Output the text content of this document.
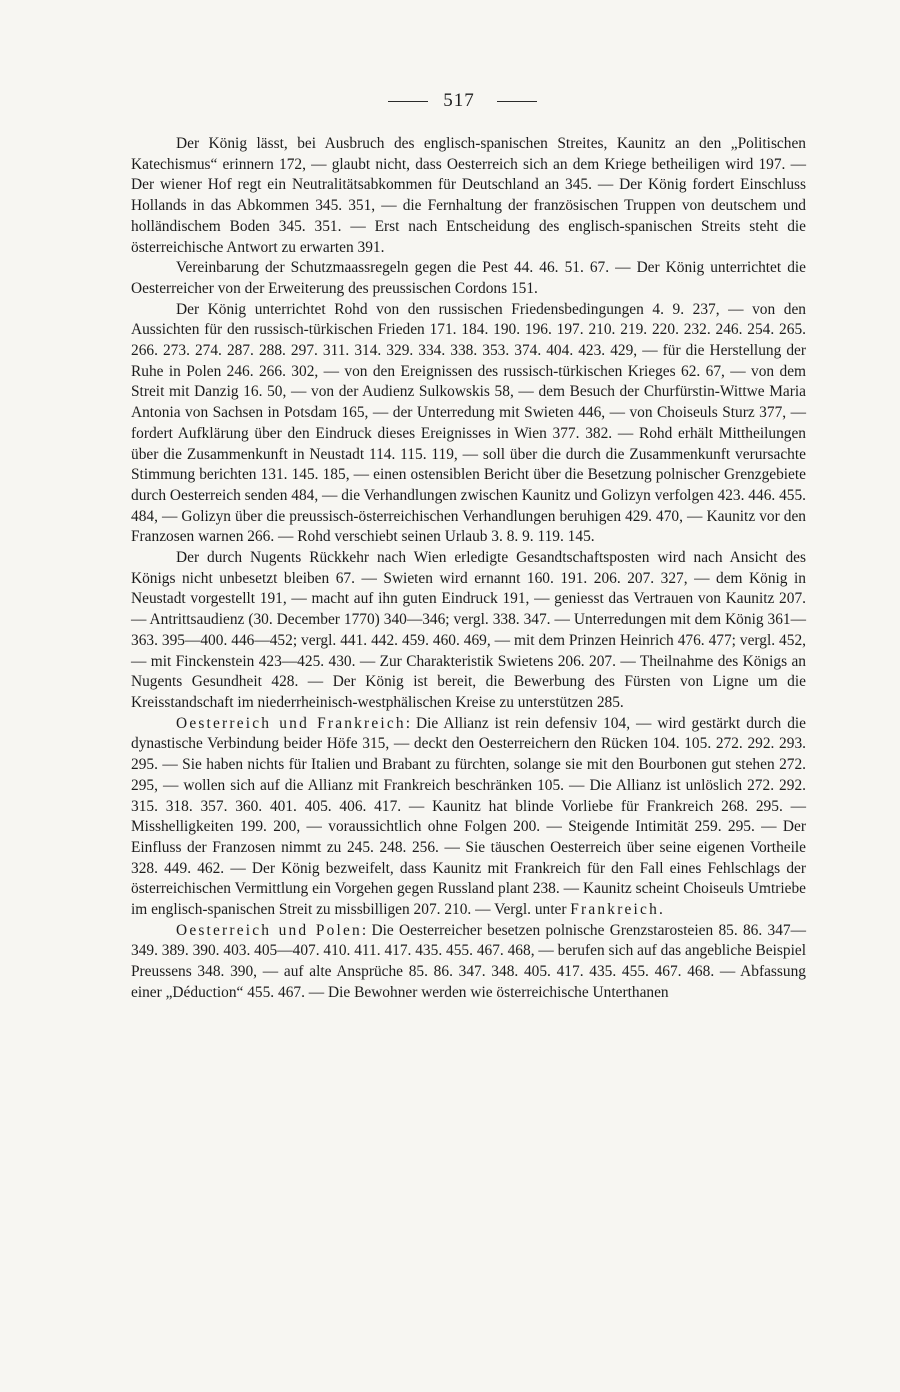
517

Der König lässt, bei Ausbruch des englisch-spanischen Streites, Kaunitz an den „Politischen Katechismus“ erinnern 172, — glaubt nicht, dass Oesterreich sich an dem Kriege betheiligen wird 197. — Der wiener Hof regt ein Neutralitätsabkommen für Deutschland an 345. — Der König fordert Einschluss Hollands in das Abkommen 345. 351, — die Fernhaltung der französischen Truppen von deutschem und holländischem Boden 345. 351. — Erst nach Entscheidung des englisch-spanischen Streits steht die österreichische Antwort zu erwarten 391.

Vereinbarung der Schutzmaassregeln gegen die Pest 44. 46. 51. 67. — Der König unterrichtet die Oesterreicher von der Erweiterung des preussischen Cordons 151.

Der König unterrichtet Rohd von den russischen Friedensbedingungen 4. 9. 237, — von den Aussichten für den russisch-türkischen Frieden 171. 184. 190. 196. 197. 210. 219. 220. 232. 246. 254. 265. 266. 273. 274. 287. 288. 297. 311. 314. 329. 334. 338. 353. 374. 404. 423. 429, — für die Herstellung der Ruhe in Polen 246. 266. 302, — von den Ereignissen des russisch-türkischen Krieges 62. 67, — von dem Streit mit Danzig 16. 50, — von der Audienz Sulkowskis 58, — dem Besuch der Churfürstin-Wittwe Maria Antonia von Sachsen in Potsdam 165, — der Unterredung mit Swieten 446, — von Choiseuls Sturz 377, — fordert Aufklärung über den Eindruck dieses Ereignisses in Wien 377. 382. — Rohd erhält Mittheilungen über die Zusammenkunft in Neustadt 114. 115. 119, — soll über die durch die Zusammenkunft verursachte Stimmung berichten 131. 145. 185, — einen ostensiblen Bericht über die Besetzung polnischer Grenzgebiete durch Oesterreich senden 484, — die Verhandlungen zwischen Kaunitz und Golizyn verfolgen 423. 446. 455. 484, — Golizyn über die preussisch-österreichischen Verhandlungen beruhigen 429. 470, — Kaunitz vor den Franzosen warnen 266. — Rohd verschiebt seinen Urlaub 3. 8. 9. 119. 145.

Der durch Nugents Rückkehr nach Wien erledigte Gesandtschaftsposten wird nach Ansicht des Königs nicht unbesetzt bleiben 67. — Swieten wird ernannt 160. 191. 206. 207. 327, — dem König in Neustadt vorgestellt 191, — macht auf ihn guten Eindruck 191, — geniesst das Vertrauen von Kaunitz 207. — Antrittsaudienz (30. December 1770) 340—346; vergl. 338. 347. — Unterredungen mit dem König 361—363. 395—400. 446—452; vergl. 441. 442. 459. 460. 469, — mit dem Prinzen Heinrich 476. 477; vergl. 452, — mit Finckenstein 423—425. 430. — Zur Charakteristik Swietens 206. 207. — Theilnahme des Königs an Nugents Gesundheit 428. — Der König ist bereit, die Bewerbung des Fürsten von Ligne um die Kreisstandschaft im niederrheinisch-westphälischen Kreise zu unterstützen 285.

Oesterreich und Frankreich: Die Allianz ist rein defensiv 104, — wird gestärkt durch die dynastische Verbindung beider Höfe 315, — deckt den Oesterreichern den Rücken 104. 105. 272. 292. 293. 295. — Sie haben nichts für Italien und Brabant zu fürchten, solange sie mit den Bourbonen gut stehen 272. 295, — wollen sich auf die Allianz mit Frankreich beschränken 105. — Die Allianz ist unlöslich 272. 292. 315. 318. 357. 360. 401. 405. 406. 417. — Kaunitz hat blinde Vorliebe für Frankreich 268. 295. — Misshelligkeiten 199. 200, — voraussichtlich ohne Folgen 200. — Steigende Intimität 259. 295. — Der Einfluss der Franzosen nimmt zu 245. 248. 256. — Sie täuschen Oesterreich über seine eigenen Vortheile 328. 449. 462. — Der König bezweifelt, dass Kaunitz mit Frankreich für den Fall eines Fehlschlags der österreichischen Vermittlung ein Vorgehen gegen Russland plant 238. — Kaunitz scheint Choiseuls Umtriebe im englisch-spanischen Streit zu missbilligen 207. 210. — Vergl. unter Frankreich.

Oesterreich und Polen: Die Oesterreicher besetzen polnische Grenzstarosteien 85. 86. 347—349. 389. 390. 403. 405—407. 410. 411. 417. 435. 455. 467. 468, — berufen sich auf das angebliche Beispiel Preussens 348. 390, — auf alte Ansprüche 85. 86. 347. 348. 405. 417. 435. 455. 467. 468. — Abfassung einer „Déduction“ 455. 467. — Die Bewohner werden wie österreichische Unterthanen
